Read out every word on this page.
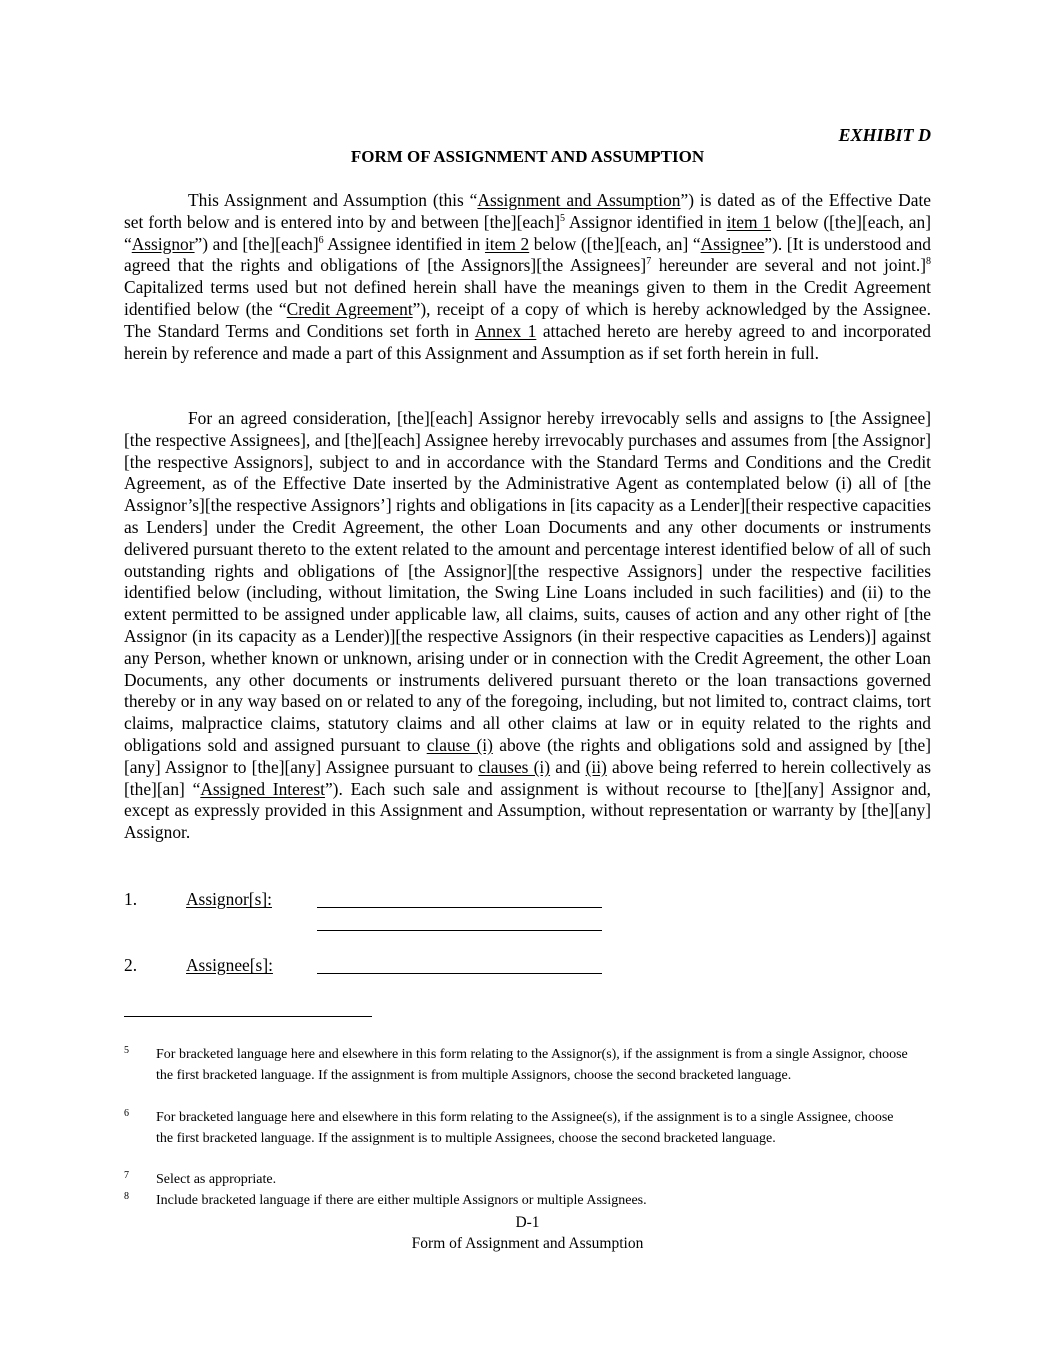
EXHIBIT D
FORM OF ASSIGNMENT AND ASSUMPTION

This Assignment and Assumption (this “Assignment and Assumption”) is dated as of the Effective Date set forth below and is entered into by and between [the][each]$^5$ Assignor identified in item 1 below ([the][each, an] “Assignor”) and [the][each]$^6$ Assignee identified in item 2 below ([the][each, an] “Assignee”). [It is understood and agreed that the rights and obligations of [the Assignors][the Assignees]$^7$ hereunder are several and not joint.]$^8$ Capitalized terms used but not defined herein shall have the meanings given to them in the Credit Agreement identified below (the “Credit Agreement”), receipt of a copy of which is hereby acknowledged by the Assignee. The Standard Terms and Conditions set forth in Annex 1 attached hereto are hereby agreed to and incorporated herein by reference and made a part of this Assignment and Assumption as if set forth herein in full.

For an agreed consideration, [the][each] Assignor hereby irrevocably sells and assigns to [the Assignee][the respective Assignees], and [the][each] Assignee hereby irrevocably purchases and assumes from [the Assignor][the respective Assignors], subject to and in accordance with the Standard Terms and Conditions and the Credit Agreement, as of the Effective Date inserted by the Administrative Agent as contemplated below (i) all of [the Assignor’s][the respective Assignors’] rights and obligations in [its capacity as a Lender][their respective capacities as Lenders] under the Credit Agreement, the other Loan Documents and any other documents or instruments delivered pursuant thereto to the extent related to the amount and percentage interest identified below of all of such outstanding rights and obligations of [the Assignor][the respective Assignors] under the respective facilities identified below (including, without limitation, the Swing Line Loans included in such facilities) and (ii) to the extent permitted to be assigned under applicable law, all claims, suits, causes of action and any other right of [the Assignor (in its capacity as a Lender)][the respective Assignors (in their respective capacities as Lenders)] against any Person, whether known or unknown, arising under or in connection with the Credit Agreement, the other Loan Documents, any other documents or instruments delivered pursuant thereto or the loan transactions governed thereby or in any way based on or related to any of the foregoing, including, but not limited to, contract claims, tort claims, malpractice claims, statutory claims and all other claims at law or in equity related to the rights and obligations sold and assigned pursuant to clause (i) above (the rights and obligations sold and assigned by [the][any] Assignor to [the][any] Assignee pursuant to clauses (i) and (ii) above being referred to herein collectively as [the][an] “Assigned Interest”). Each such sale and assignment is without recourse to [the][any] Assignor and, except as expressly provided in this Assignment and Assumption, without representation or warranty by [the][any] Assignor.

1.	Assignor[s]:
2.	Assignee[s]:
5 For bracketed language here and elsewhere in this form relating to the Assignor(s), if the assignment is from a single Assignor, choose the first bracketed language. If the assignment is from multiple Assignors, choose the second bracketed language.
6 For bracketed language here and elsewhere in this form relating to the Assignee(s), if the assignment is to a single Assignee, choose the first bracketed language. If the assignment is to multiple Assignees, choose the second bracketed language.
7 Select as appropriate.
8 Include bracketed language if there are either multiple Assignors or multiple Assignees.
D-1
Form of Assignment and Assumption
